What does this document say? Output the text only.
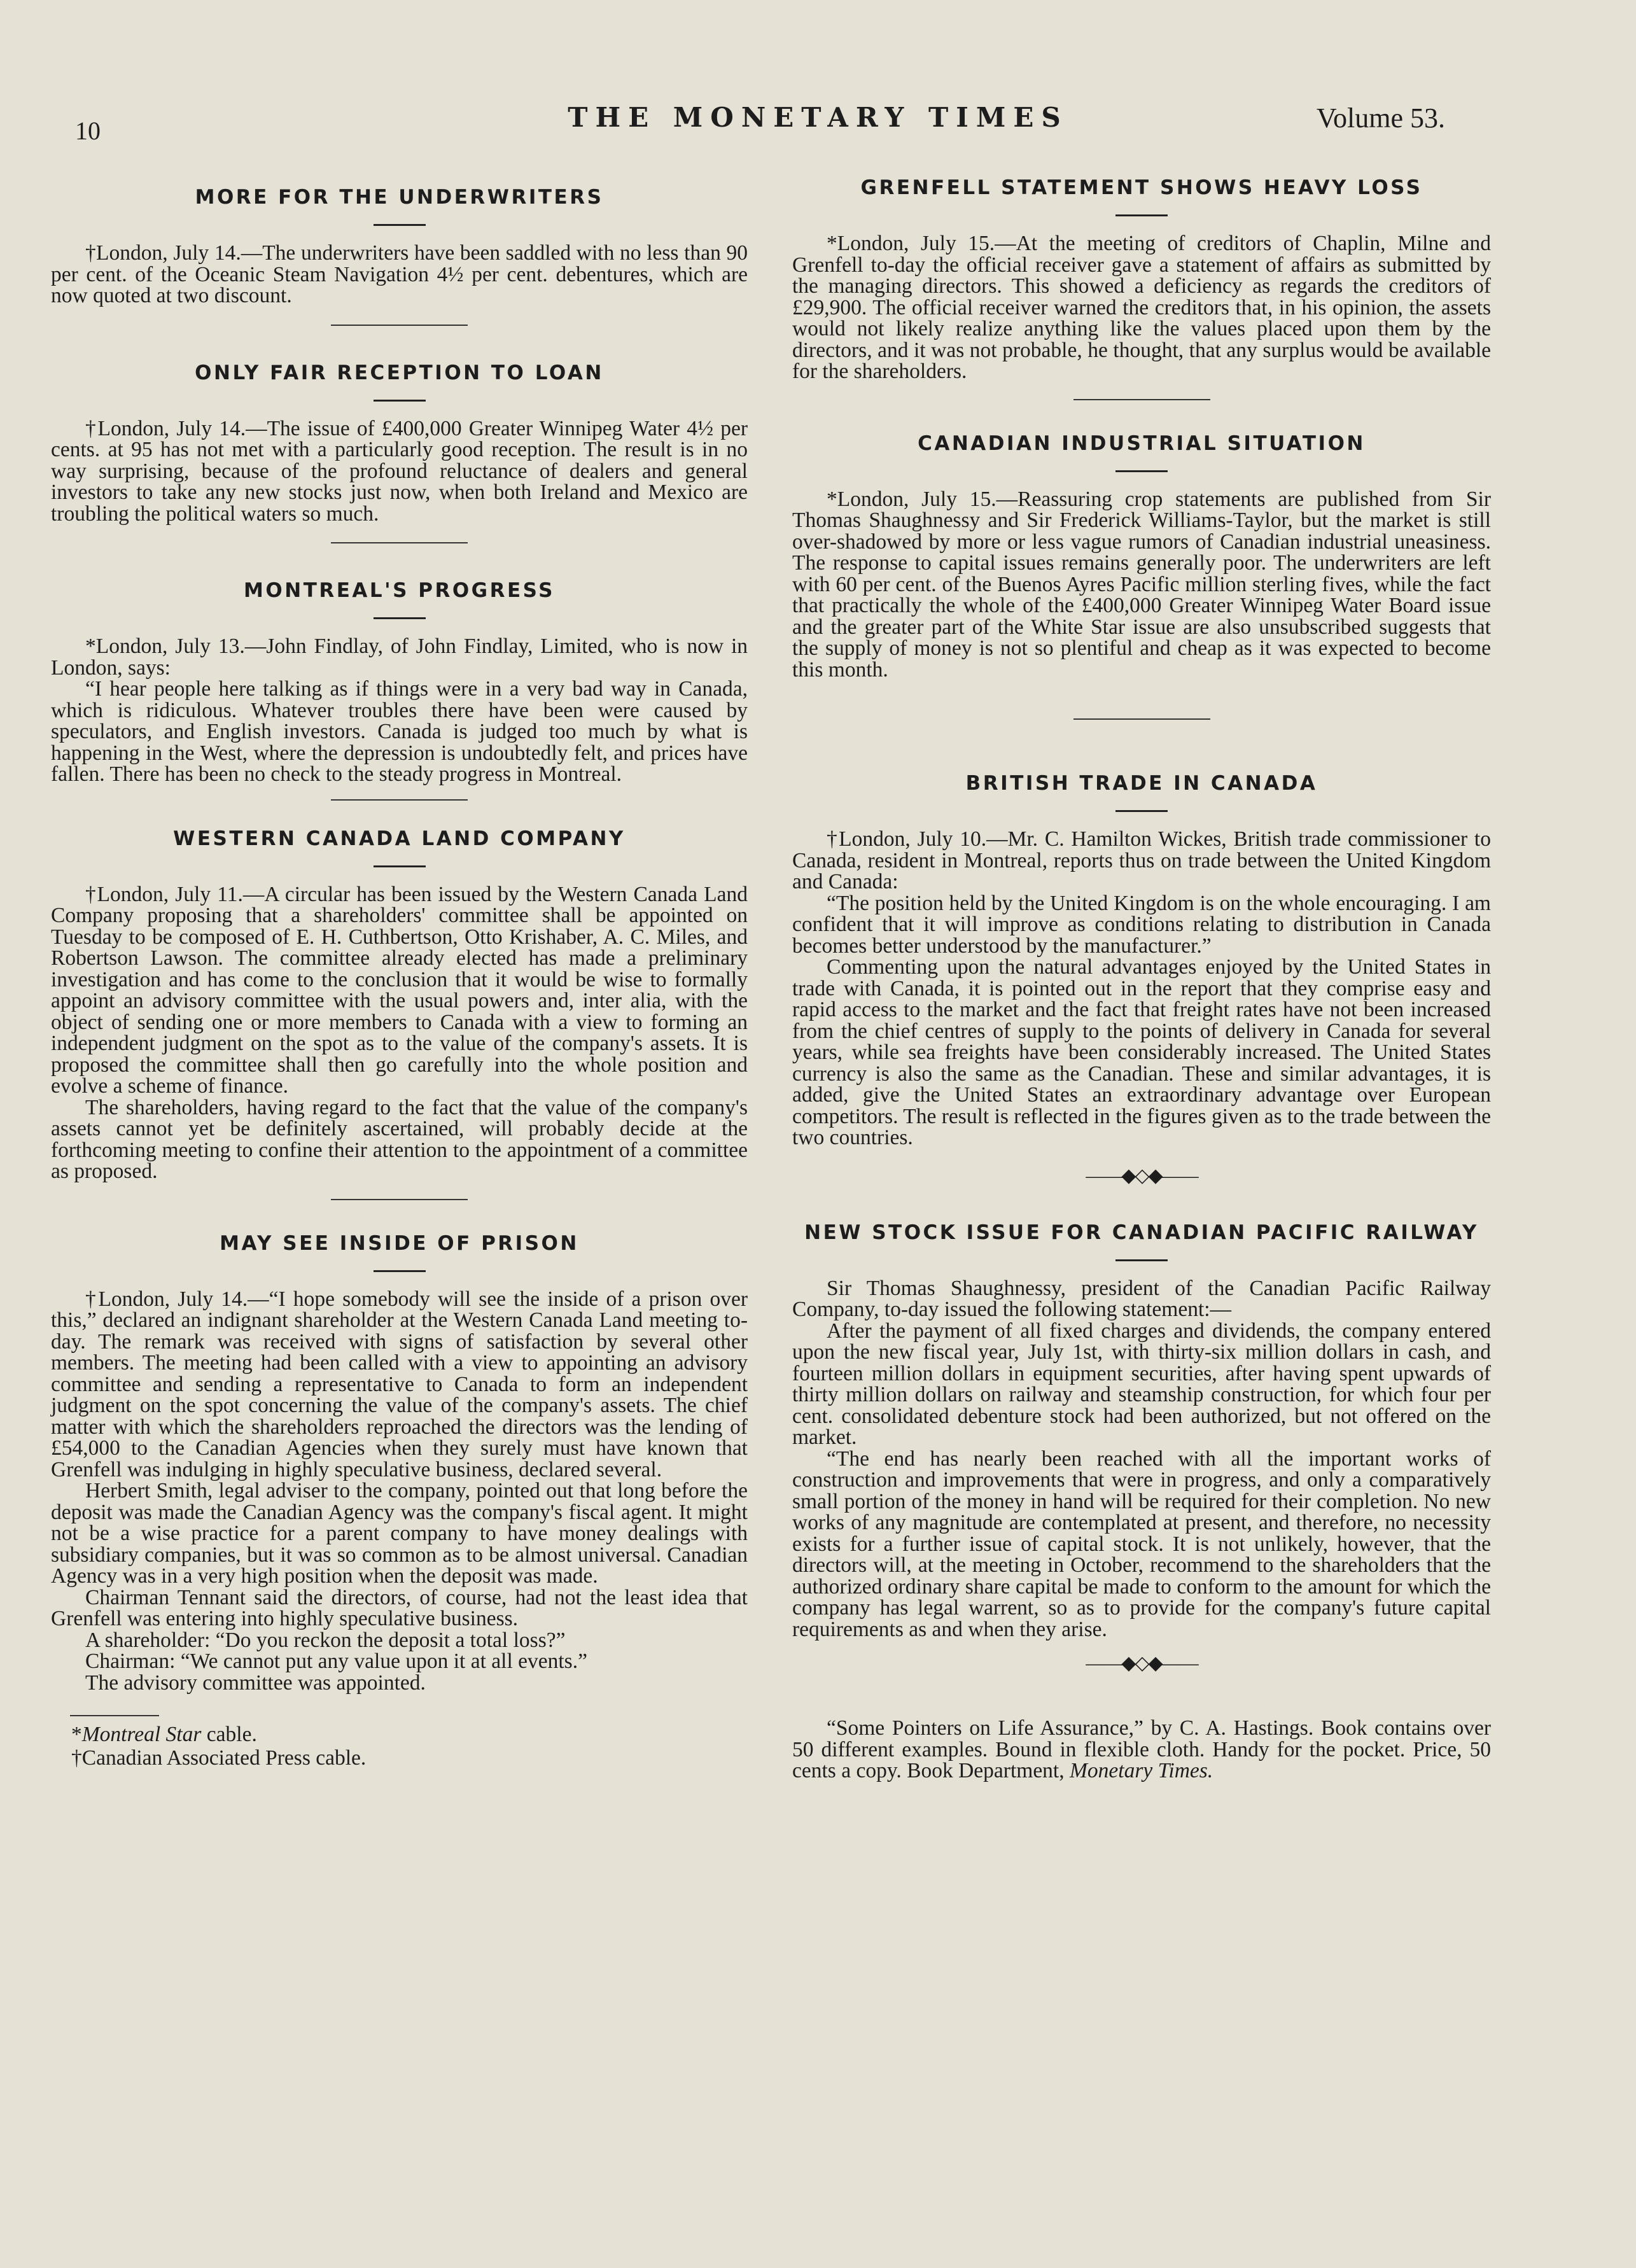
10	THE MONETARY TIMES	Volume 53.
MORE FOR THE UNDERWRITERS

†London, July 14.—The underwriters have been saddled with no less than 90 per cent. of the Oceanic Steam Navigation 4½ per cent. debentures, which are now quoted at two discount.

ONLY FAIR RECEPTION TO LOAN

†London, July 14.—The issue of £400,000 Greater Winnipeg Water 4½ per cents. at 95 has not met with a particularly good reception. The result is in no way surprising, because of the profound reluctance of dealers and general investors to take any new stocks just now, when both Ireland and Mexico are troubling the political waters so much.

MONTREAL'S PROGRESS

*London, July 13.—John Findlay, of John Findlay, Limited, who is now in London, says:

“I hear people here talking as if things were in a very bad way in Canada, which is ridiculous. Whatever troubles there have been were caused by speculators, and English investors. Canada is judged too much by what is happening in the West, where the depression is undoubtedly felt, and prices have fallen. There has been no check to the steady progress in Montreal.

WESTERN CANADA LAND COMPANY

†London, July 11.—A circular has been issued by the Western Canada Land Company proposing that a shareholders' committee shall be appointed on Tuesday to be composed of E. H. Cuthbertson, Otto Krishaber, A. C. Miles, and Robertson Lawson. The committee already elected has made a preliminary investigation and has come to the conclusion that it would be wise to formally appoint an advisory committee with the usual powers and, inter alia, with the object of sending one or more members to Canada with a view to forming an independent judgment on the spot as to the value of the company's assets. It is proposed the committee shall then go carefully into the whole position and evolve a scheme of finance.

The shareholders, having regard to the fact that the value of the company's assets cannot yet be definitely ascertained, will probably decide at the forthcoming meeting to confine their attention to the appointment of a committee as proposed.

MAY SEE INSIDE OF PRISON

†London, July 14.—“I hope somebody will see the inside of a prison over this,” declared an indignant shareholder at the Western Canada Land meeting to-day. The remark was received with signs of satisfaction by several other members. The meeting had been called with a view to appointing an advisory committee and sending a representative to Canada to form an independent judgment on the spot concerning the value of the company's assets. The chief matter with which the shareholders reproached the directors was the lending of £54,000 to the Canadian Agencies when they surely must have known that Grenfell was indulging in highly speculative business, declared several.

Herbert Smith, legal adviser to the company, pointed out that long before the deposit was made the Canadian Agency was the company's fiscal agent. It might not be a wise practice for a parent company to have money dealings with subsidiary companies, but it was so common as to be almost universal. Canadian Agency was in a very high position when the deposit was made.

Chairman Tennant said the directors, of course, had not the least idea that Grenfell was entering into highly speculative business.

A shareholder: “Do you reckon the deposit a total loss?”

Chairman: “We cannot put any value upon it at all events.”

The advisory committee was appointed.

*Montreal Star cable.
†Canadian Associated Press cable.
GRENFELL STATEMENT SHOWS HEAVY LOSS

*London, July 15.—At the meeting of creditors of Chaplin, Milne and Grenfell to-day the official receiver gave a statement of affairs as submitted by the managing directors. This showed a deficiency as regards the creditors of £29,900. The official receiver warned the creditors that, in his opinion, the assets would not likely realize anything like the values placed upon them by the directors, and it was not probable, he thought, that any surplus would be available for the shareholders.

CANADIAN INDUSTRIAL SITUATION

*London, July 15.—Reassuring crop statements are published from Sir Thomas Shaughnessy and Sir Frederick Williams-Taylor, but the market is still over-shadowed by more or less vague rumors of Canadian industrial uneasiness. The response to capital issues remains generally poor. The underwriters are left with 60 per cent. of the Buenos Ayres Pacific million sterling fives, while the fact that practically the whole of the £400,000 Greater Winnipeg Water Board issue and the greater part of the White Star issue are also unsubscribed suggests that the supply of money is not so plentiful and cheap as it was expected to become this month.

BRITISH TRADE IN CANADA

†London, July 10.—Mr. C. Hamilton Wickes, British trade commissioner to Canada, resident in Montreal, reports thus on trade between the United Kingdom and Canada:

“The position held by the United Kingdom is on the whole encouraging. I am confident that it will improve as conditions relating to distribution in Canada becomes better understood by the manufacturer.”

Commenting upon the natural advantages enjoyed by the United States in trade with Canada, it is pointed out in the report that they comprise easy and rapid access to the market and the fact that freight rates have not been increased from the chief centres of supply to the points of delivery in Canada for several years, while sea freights have been considerably increased. The United States currency is also the same as the Canadian. These and similar advantages, it is added, give the United States an extraordinary advantage over European competitors. The result is reflected in the figures given as to the trade between the two countries.

——◆◇◆——
NEW STOCK ISSUE FOR CANADIAN PACIFIC RAILWAY

Sir Thomas Shaughnessy, president of the Canadian Pacific Railway Company, to-day issued the following statement:—

After the payment of all fixed charges and dividends, the company entered upon the new fiscal year, July 1st, with thirty-six million dollars in cash, and fourteen million dollars in equipment securities, after having spent upwards of thirty million dollars on railway and steamship construction, for which four per cent. consolidated debenture stock had been authorized, but not offered on the market.

“The end has nearly been reached with all the important works of construction and improvements that were in progress, and only a comparatively small portion of the money in hand will be required for their completion. No new works of any magnitude are contemplated at present, and therefore, no necessity exists for a further issue of capital stock. It is not unlikely, however, that the directors will, at the meeting in October, recommend to the shareholders that the authorized ordinary share capital be made to conform to the amount for which the company has legal warrent, so as to provide for the company's future capital requirements as and when they arise.

——◆◇◆——

“Some Pointers on Life Assurance,” by C. A. Hastings. Book contains over 50 different examples. Bound in flexible cloth. Handy for the pocket. Price, 50 cents a copy. Book Department, Monetary Times.
